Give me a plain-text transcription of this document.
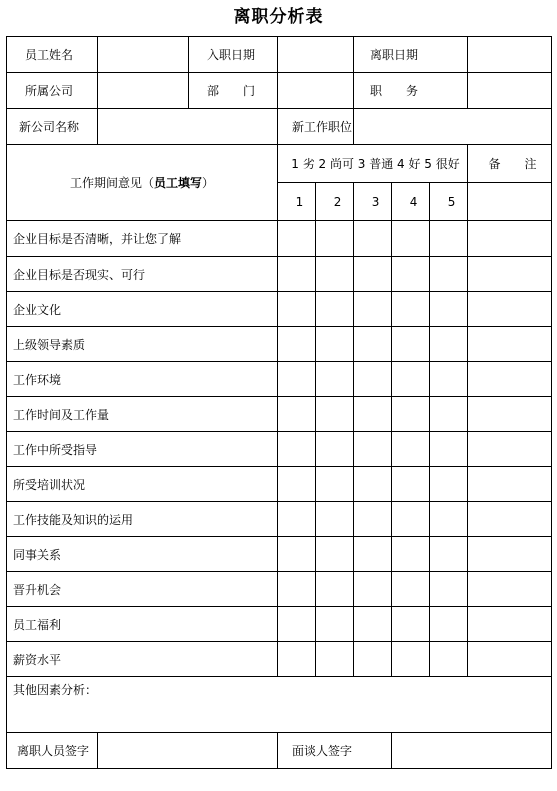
离职分析表
员工姓名		入职日期			离职日期			
所属公司		部　　门			职　　务			
新公司名称			新工作职位					
工作期间意见（员工填写）			1 劣 2 尚可 3 普通 4 好 5 很好					备　　注
			1	2	3	4	5	
企业目标是否清晰，并让您了解								
企业目标是否现实、可行								
企业文化								
上级领导素质								
工作环境								
工作时间及工作量								
工作中所受指导								
所受培训状况								
工作技能及知识的运用								
同事关系								
晋升机会								
员工福利								
薪资水平								
其他因素分析：								
离职人员签字			面谈人签字					
